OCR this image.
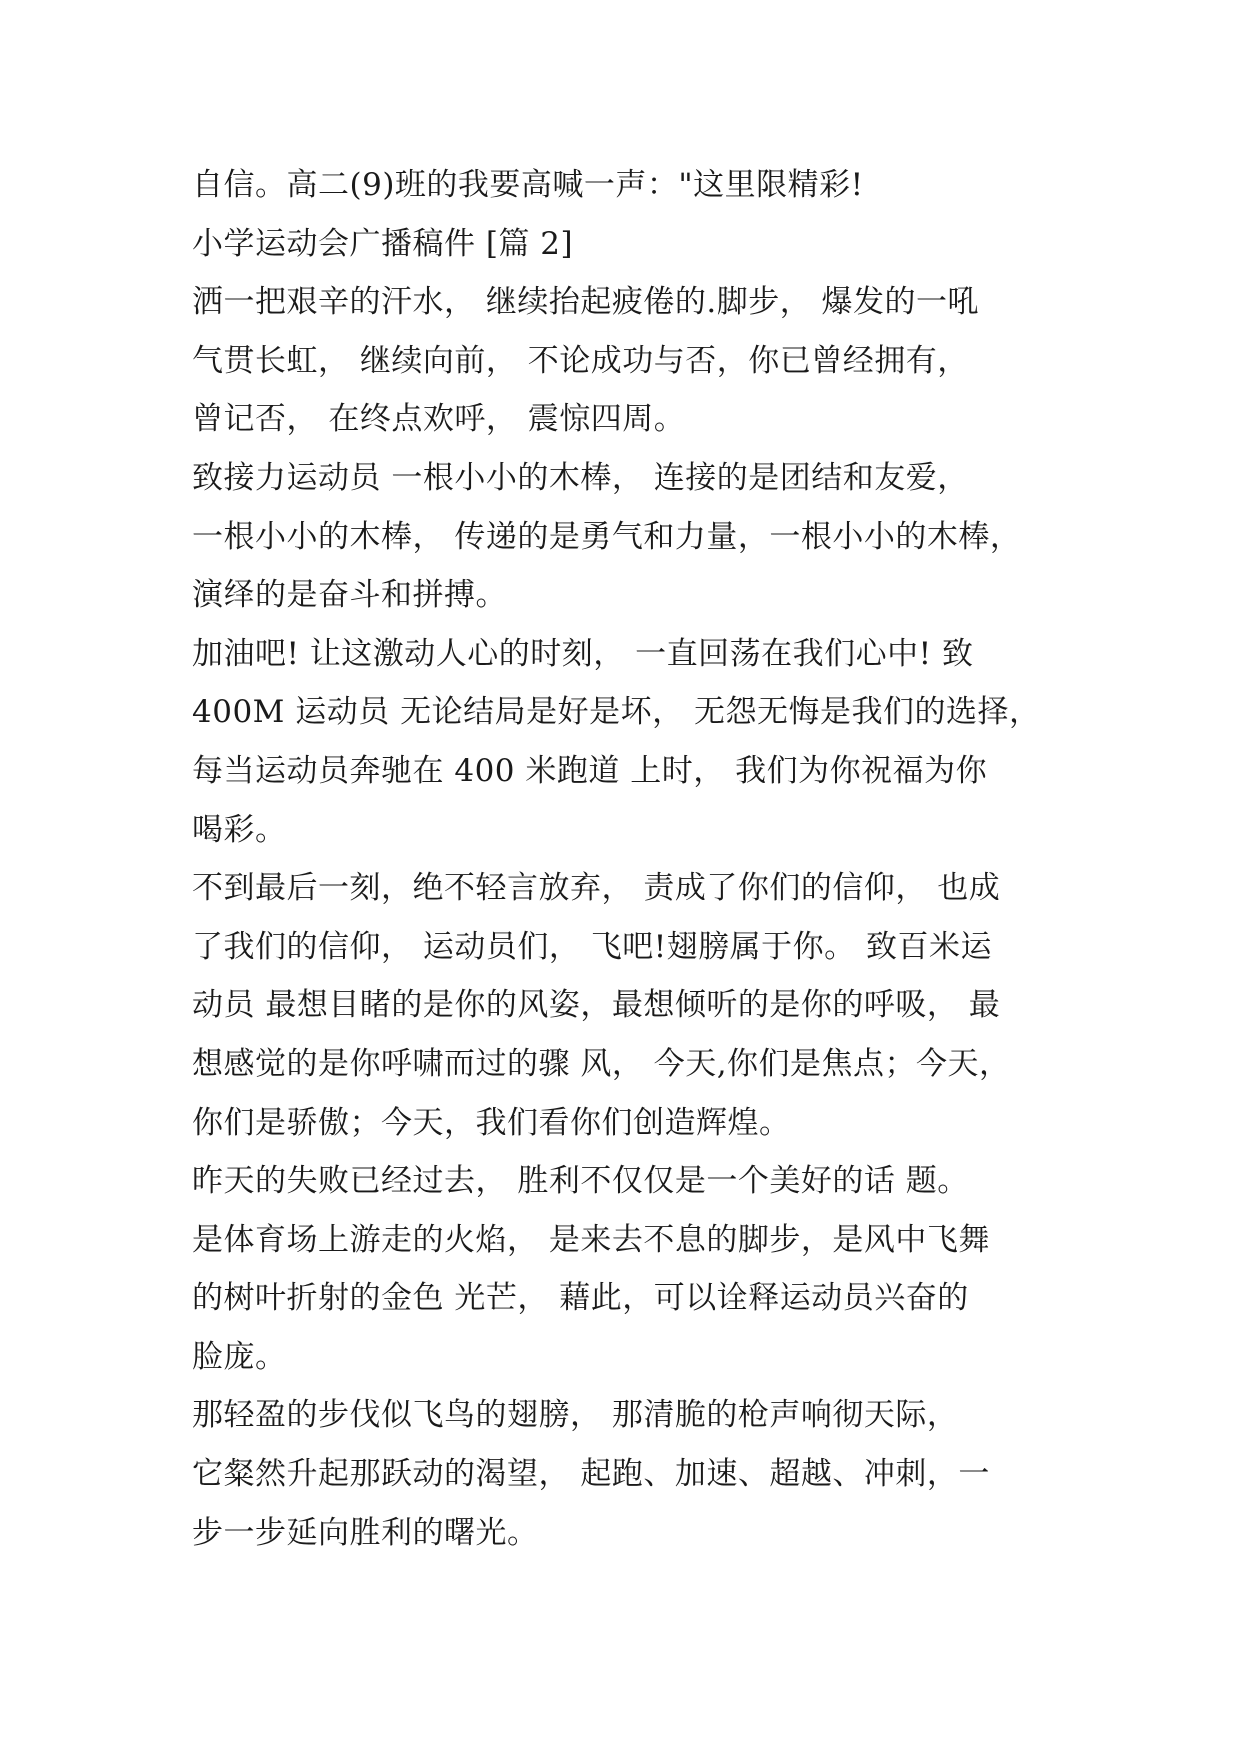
自信。高二(9)班的我要高喊一声："这里限精彩!
小学运动会广播稿件 [篇 2]
洒一把艰辛的汗水， 继续抬起疲倦的.脚步， 爆发的一吼
气贯长虹， 继续向前， 不论成功与否，你已曾经拥有，
曾记否， 在终点欢呼， 震惊四周。
致接力运动员 一根小小的木棒， 连接的是团结和友爱，
一根小小的木棒， 传递的是勇气和力量，一根小小的木棒，
演绎的是奋斗和拼搏。
加油吧! 让这激动人心的时刻， 一直回荡在我们心中! 致
400M 运动员 无论结局是好是坏， 无怨无悔是我们的选择，
每当运动员奔驰在 400 米跑道 上时， 我们为你祝福为你
喝彩。
不到最后一刻，绝不轻言放弃， 责成了你们的信仰， 也成
了我们的信仰， 运动员们， 飞吧!翅膀属于你。 致百米运
动员 最想目睹的是你的风姿，最想倾听的是你的呼吸， 最
想感觉的是你呼啸而过的骤 风， 今天,你们是焦点；今天，
你们是骄傲；今天，我们看你们创造辉煌。
昨天的失败已经过去， 胜利不仅仅是一个美好的话 题。
是体育场上游走的火焰， 是来去不息的脚步，是风中飞舞
的树叶折射的金色 光芒， 藉此，可以诠释运动员兴奋的
脸庞。
那轻盈的步伐似飞鸟的翅膀， 那清脆的枪声响彻天际，
它粲然升起那跃动的渴望， 起跑、加速、超越、冲刺，一
步一步延向胜利的曙光。
